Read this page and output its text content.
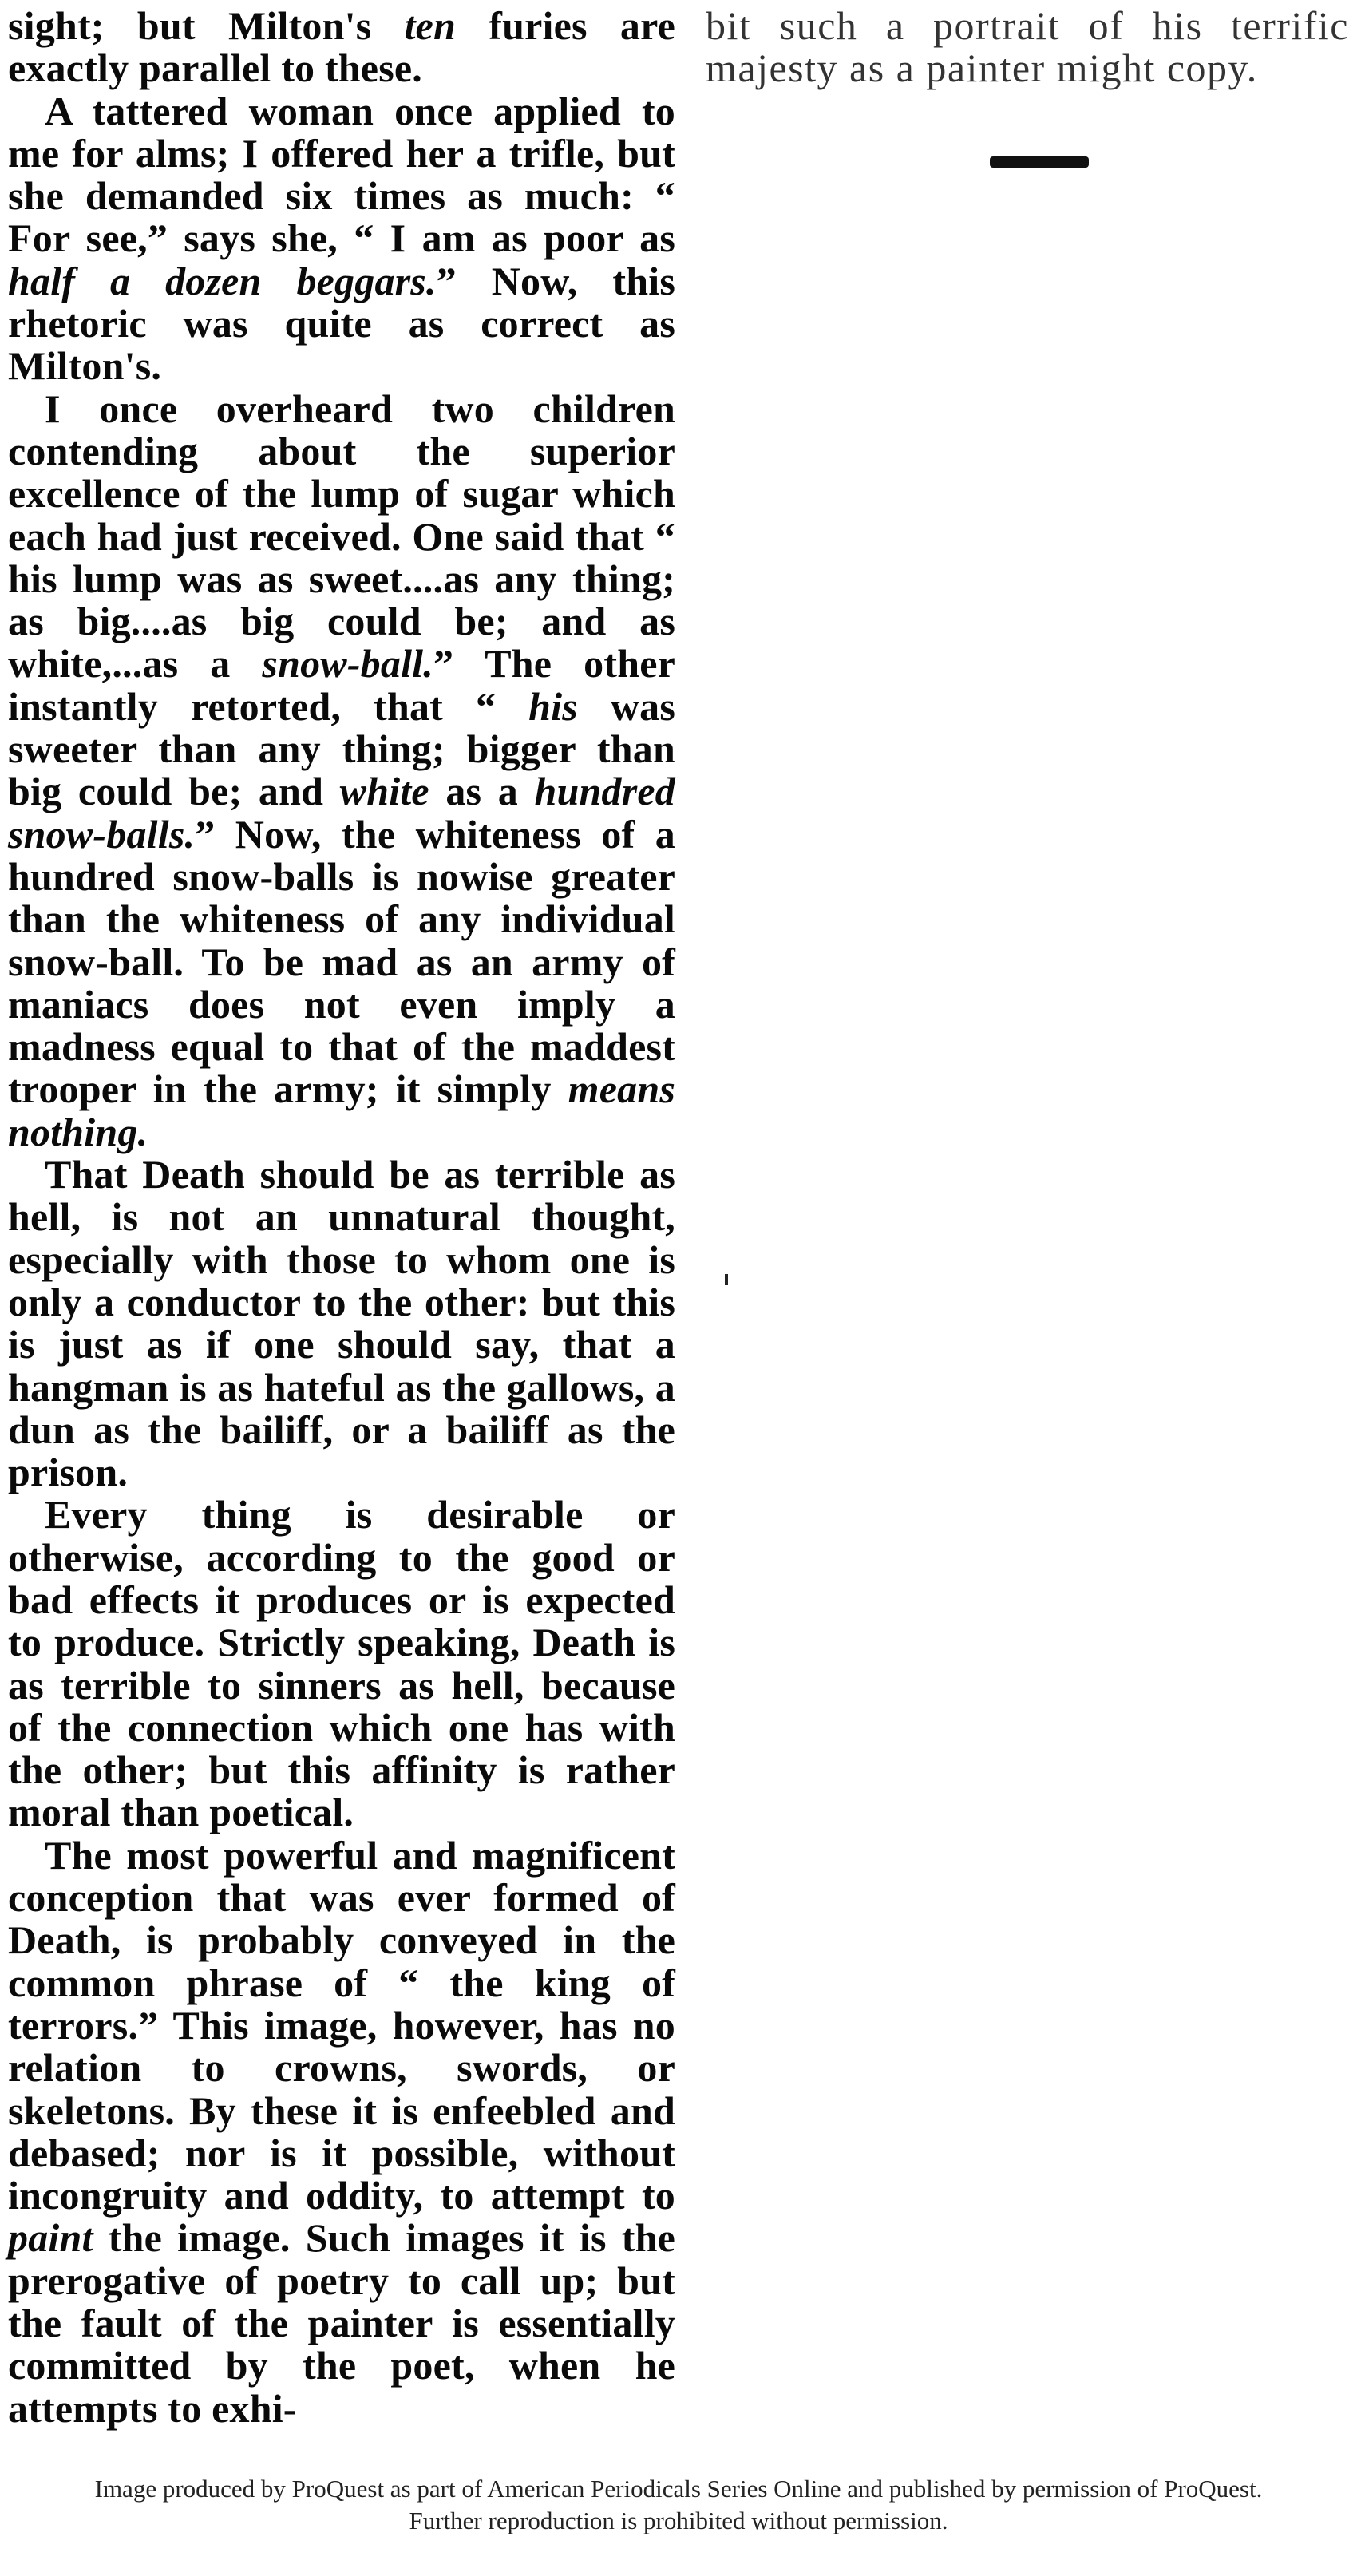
sight; but Milton's ten furies are exactly parallel to these.

A tattered woman once applied to me for alms; I offered her a trifle, but she demanded six times as much: “ For see,” says she, “ I am as poor as half a dozen beggars.” Now, this rhetoric was quite as correct as Milton's.

I once overheard two children contending about the superior excellence of the lump of sugar which each had just received. One said that “ his lump was as sweet....as any thing; as big....as big could be; and as white,...as a snow-ball.” The other instantly retorted, that “ his was sweeter than any thing; bigger than big could be; and white as a hundred snow-balls.” Now, the whiteness of a hundred snow-balls is nowise greater than the whiteness of any individual snow-ball. To be mad as an army of maniacs does not even imply a madness equal to that of the maddest trooper in the army; it simply means nothing.

That Death should be as terrible as hell, is not an unnatural thought, especially with those to whom one is only a conductor to the other: but this is just as if one should say, that a hangman is as hateful as the gallows, a dun as the bailiff, or a bailiff as the prison.

Every thing is desirable or otherwise, according to the good or bad effects it produces or is expected to produce. Strictly speaking, Death is as terrible to sinners as hell, because of the connection which one has with the other; but this affinity is rather moral than poetical.

The most powerful and magnificent conception that was ever formed of Death, is probably conveyed in the common phrase of “ the king of terrors.” This image, however, has no relation to crowns, swords, or skeletons. By these it is enfeebled and debased; nor is it possible, without incongruity and oddity, to attempt to paint the image. Such images it is the prerogative of poetry to call up; but the fault of the painter is essentially committed by the poet, when he attempts to exhi-

bit such a portrait of his terrific majesty as a painter might copy.

Image produced by ProQuest as part of American Periodicals Series Online and published by permission of ProQuest.
Further reproduction is prohibited without permission.
